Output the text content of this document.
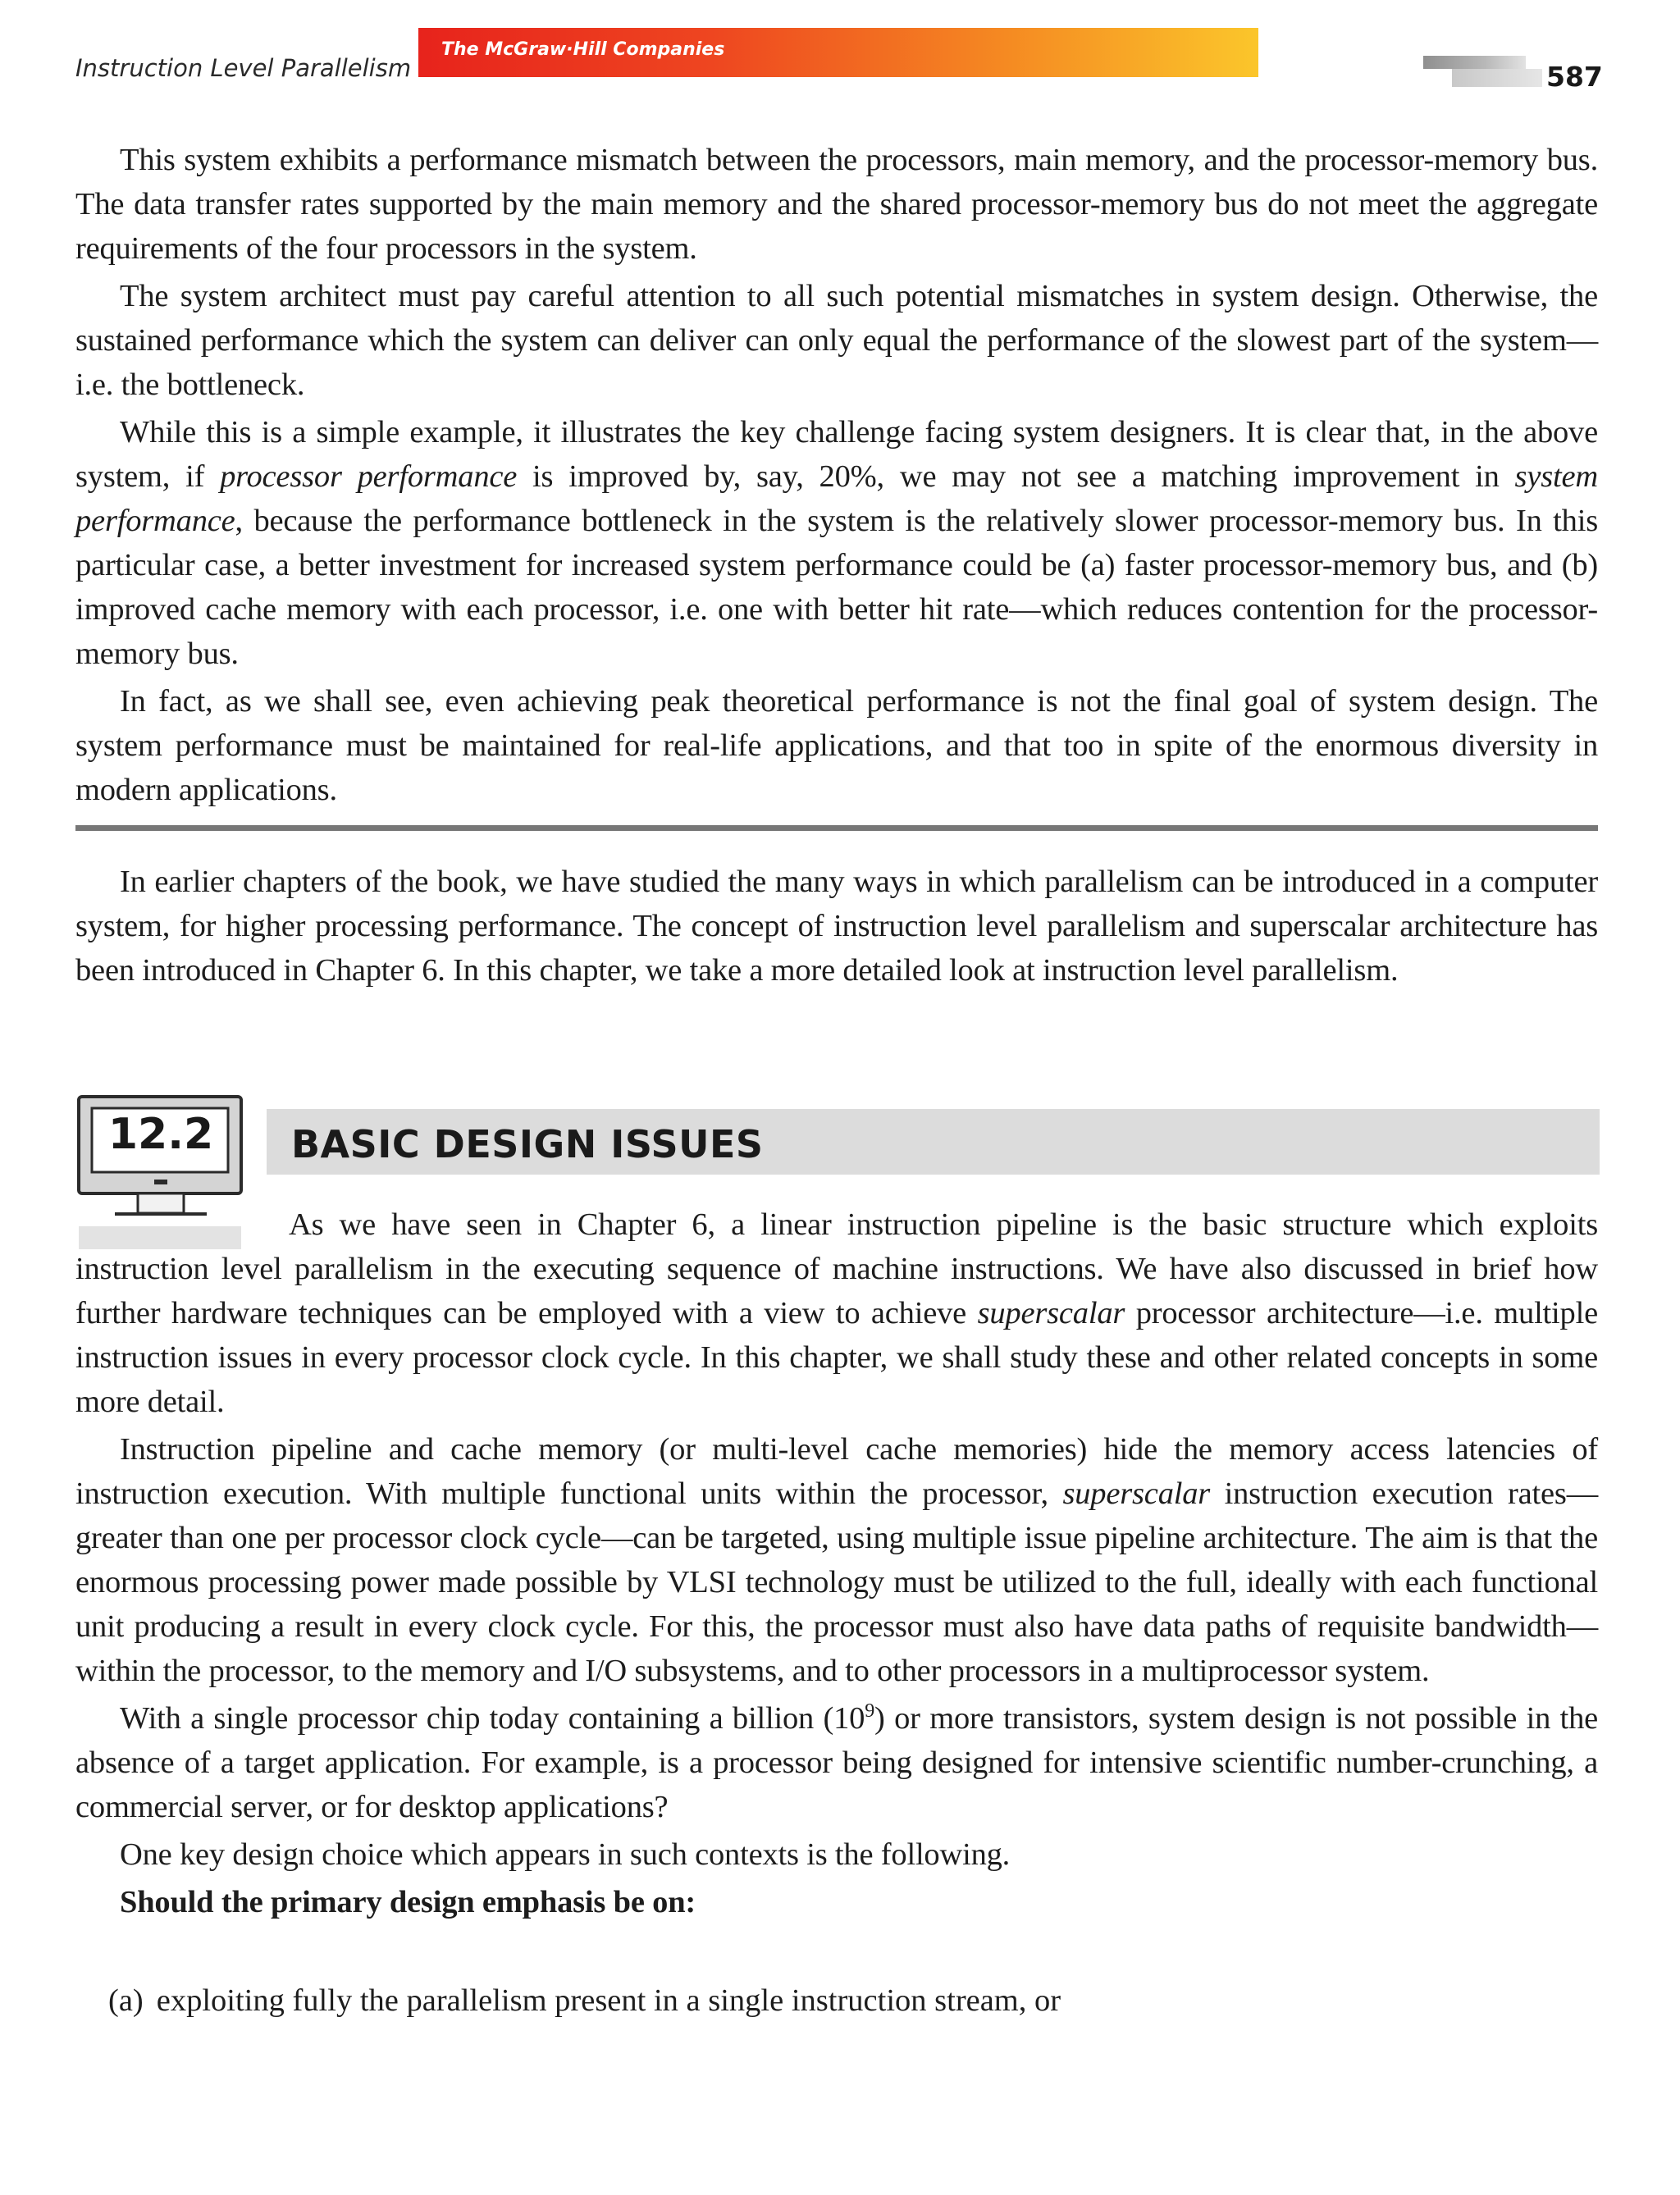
Instruction Level Parallelism
The McGraw·Hill Companies
587

This system exhibits a performance mismatch between the processors, main memory, and the processor-memory bus. The data transfer rates supported by the main memory and the shared processor-memory bus do not meet the aggregate requirements of the four processors in the system.

The system architect must pay careful attention to all such potential mismatches in system design. Otherwise, the sustained performance which the system can deliver can only equal the performance of the slowest part of the system—i.e. the bottleneck.

While this is a simple example, it illustrates the key challenge facing system designers. It is clear that, in the above system, if processor performance is improved by, say, 20%, we may not see a matching improvement in system performance, because the performance bottleneck in the system is the relatively slower processor-memory bus. In this particular case, a better investment for increased system performance could be (a) faster processor-memory bus, and (b) improved cache memory with each processor, i.e. one with better hit rate—which reduces contention for the processor-memory bus.

In fact, as we shall see, even achieving peak theoretical performance is not the final goal of system design. The system performance must be maintained for real-life applications, and that too in spite of the enormous diversity in modern applications.

In earlier chapters of the book, we have studied the many ways in which parallelism can be introduced in a computer system, for higher processing performance. The concept of instruction level parallelism and superscalar architecture has been introduced in Chapter 6. In this chapter, we take a more detailed look at instruction level parallelism.

12.2	BASIC DESIGN ISSUES

As we have seen in Chapter 6, a linear instruction pipeline is the basic structure which exploits instruction level parallelism in the executing sequence of machine instructions. We have also discussed in brief how further hardware techniques can be employed with a view to achieve superscalar processor architecture—i.e. multiple instruction issues in every processor clock cycle. In this chapter, we shall study these and other related concepts in some more detail.

Instruction pipeline and cache memory (or multi-level cache memories) hide the memory access latencies of instruction execution. With multiple functional units within the processor, superscalar instruction execution rates—greater than one per processor clock cycle—can be targeted, using multiple issue pipeline architecture. The aim is that the enormous processing power made possible by VLSI technology must be utilized to the full, ideally with each functional unit producing a result in every clock cycle. For this, the processor must also have data paths of requisite bandwidth—within the processor, to the memory and I/O subsystems, and to other processors in a multiprocessor system.

With a single processor chip today containing a billion $(10^9)$ or more transistors, system design is not possible in the absence of a target application. For example, is a processor being designed for intensive scientific number-crunching, a commercial server, or for desktop applications?

One key design choice which appears in such contexts is the following.

Should the primary design emphasis be on:

(a) exploiting fully the parallelism present in a single instruction stream, or
